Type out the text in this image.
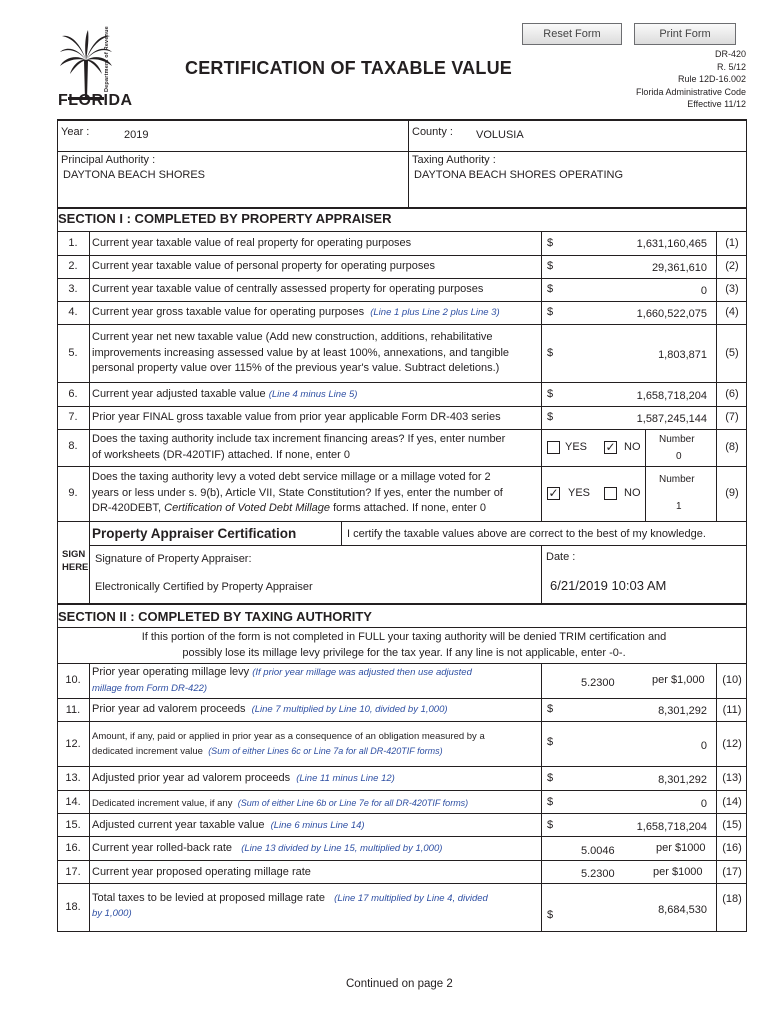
Reset Form	Print Form
Department of Revenue
FLORIDA
CERTIFICATION OF TAXABLE VALUE
DR-420
R. 5/12
Rule 12D-16.002
Florida Administrative Code
Effective 11/12
Year :	2019	County : VOLUSIA
Principal Authority :
DAYTONA BEACH SHORES
Taxing Authority :
DAYTONA BEACH SHORES OPERATING
SECTION I : COMPLETED BY PROPERTY APPRAISER
1.	Current year taxable value of real property for operating purposes	$	1,631,160,465	(1)
2.	Current year taxable value of personal property for operating purposes	$	29,361,610	(2)
3.	Current year taxable value of centrally assessed property for operating purposes	$	0	(3)
4.	Current year gross taxable value for operating purposes (Line 1 plus Line 2 plus Line 3)	$	1,660,522,075	(4)
5.
Current year net new taxable value (Add new construction, additions, rehabilitative
improvements increasing assessed value by at least 100%, annexations, and tangible
personal property value over 115% of the previous year's value. Subtract deletions.)
$	1,803,871	(5)
6.	Current year adjusted taxable value (Line 4 minus Line 5)	$	1,658,718,204	(6)
7.	Prior year FINAL gross taxable value from prior year applicable Form DR-403 series	$	1,587,245,144	(7)
8.
Does the taxing authority include tax increment financing areas? If yes, enter number
of worksheets (DR-420TIF) attached. If none, enter 0
YES ✓ NO
Number
0
(8)
9.
Does the taxing authority levy a voted debt service millage or a millage voted for 2
years or less under s. 9(b), Article VII, State Constitution? If yes, enter the number of
DR-420DEBT, Certification of Voted Debt Millage forms attached. If none, enter 0
✓ YES	NO
Number
1
(9)
Property Appraiser Certification	I certify the taxable values above are correct to the best of my knowledge.
SIGN
HERE
Signature of Property Appraiser:
Electronically Certified by Property Appraiser
Date :
6/21/2019 10:03 AM
SECTION II : COMPLETED BY TAXING AUTHORITY
If this portion of the form is not completed in FULL your taxing authority will be denied TRIM certification and
possibly lose its millage levy privilege for the tax year. If any line is not applicable, enter -0-.
10.
Prior year operating millage levy (If prior year millage was adjusted then use adjusted
millage from Form DR-422)	5.2300	per $1,000	(10)
11.	Prior year ad valorem proceeds (Line 7 multiplied by Line 10, divided by 1,000)	$	8,301,292	(11)
12.
Amount, if any, paid or applied in prior year as a consequence of an obligation measured by a
dedicated increment value (Sum of either Lines 6c or Line 7a for all DR-420TIF forms)
$	0	(12)
13.	Adjusted prior year ad valorem proceeds (Line 11 minus Line 12)	$	8,301,292	(13)
14.	Dedicated increment value, if any (Sum of either Line 6b or Line 7e for all DR-420TIF forms)	$	0	(14)
15.	Adjusted current year taxable value (Line 6 minus Line 14)	$	1,658,718,204	(15)
16.	Current year rolled-back rate (Line 13 divided by Line 15, multiplied by 1,000)	5.0046	per $1000	(16)
17.	Current year proposed operating millage rate	5.2300	per $1000	(17)
18.
Total taxes to be levied at proposed millage rate (Line 17 multiplied by Line 4, divided
by 1,000)	$	8,684,530
(18)
Continued on page 2
